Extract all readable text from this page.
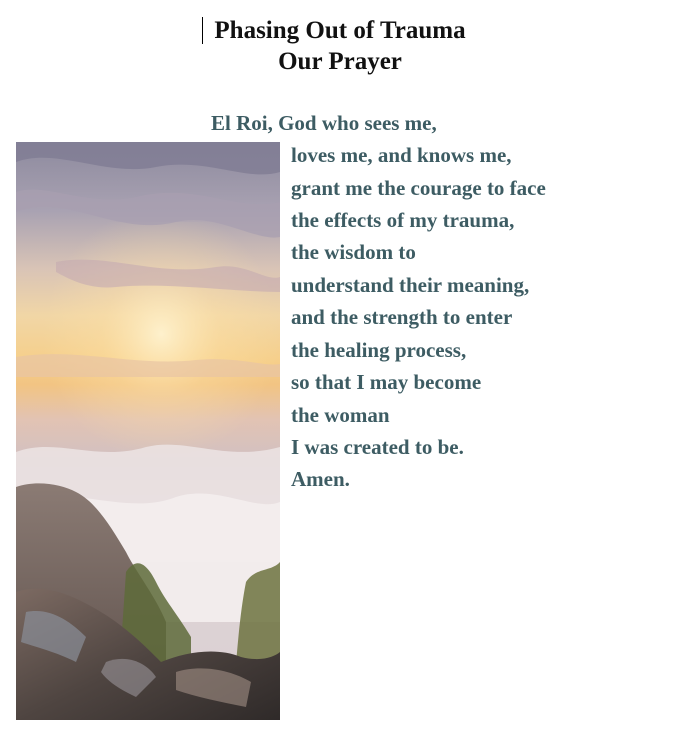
Phasing Out of Trauma
Our Prayer

El Roi, God who sees me,

loves me, and knows me,

grant me the courage to face

the effects of my trauma,

the wisdom to

understand their meaning,

and the strength to enter

the healing process,

so that I may become

the woman

I was created to be.

Amen.
